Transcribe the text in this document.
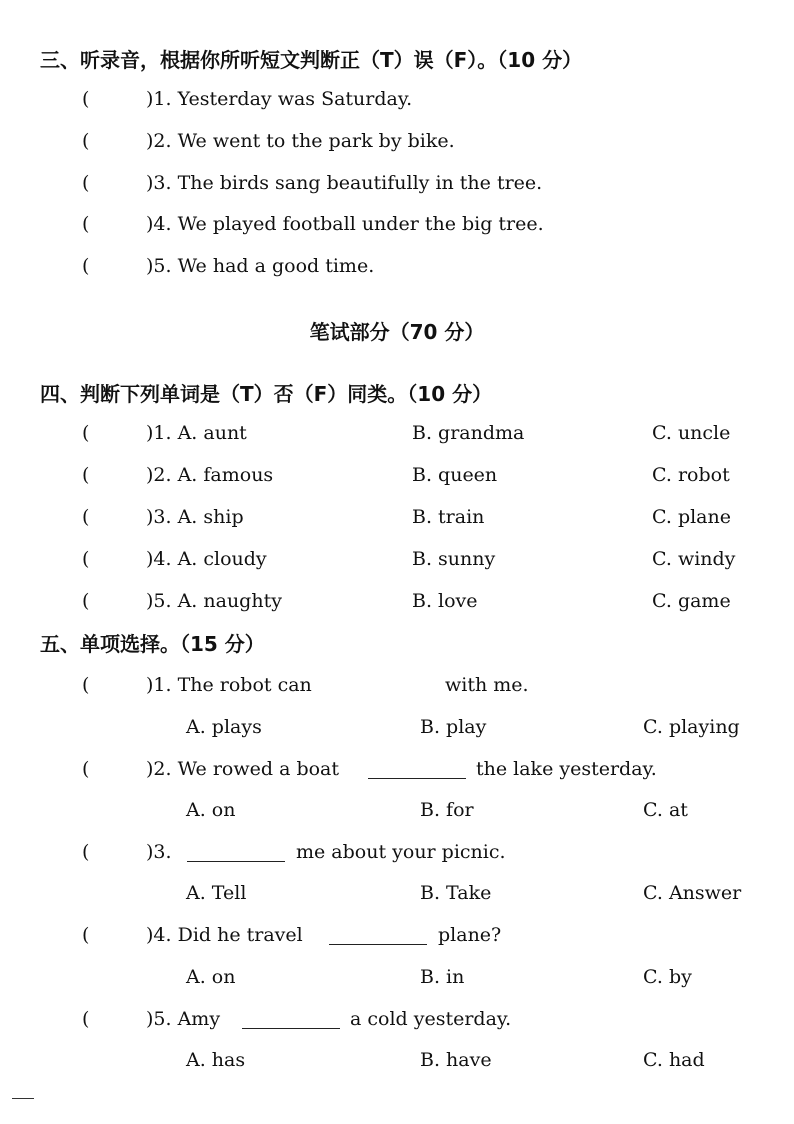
三、听录音，根据你所听短文判断正（T）误（F）。（10 分）
(	)1. Yesterday was Saturday.
(	)2. We went to the park by bike.
(	)3. The birds sang beautifully in the tree.
(	)4. We played football under the big tree.
(	)5. We had a good time.
笔试部分（70 分）
四、判断下列单词是（T）否（F）同类。（10 分）
(	)1. A. aunt	B. grandma	C. uncle
(	)2. A. famous	B. queen	C. robot
(	)3. A. ship	B. train	C. plane
(	)4. A. cloudy	B. sunny	C. windy
(	)5. A. naughty	B. love	C. game
五、单项选择。（15 分）
(	)1. The robot can	with me.
A. plays	B. play	C. playing
(	)2. We rowed a boat	the lake yesterday.
A. on	B. for	C. at
(	)3.	me about your picnic.
A. Tell	B. Take	C. Answer
(	)4. Did he travel	plane?
A. on	B. in	C. by
(	)5. Amy	a cold yesterday.
A. has	B. have	C. had
